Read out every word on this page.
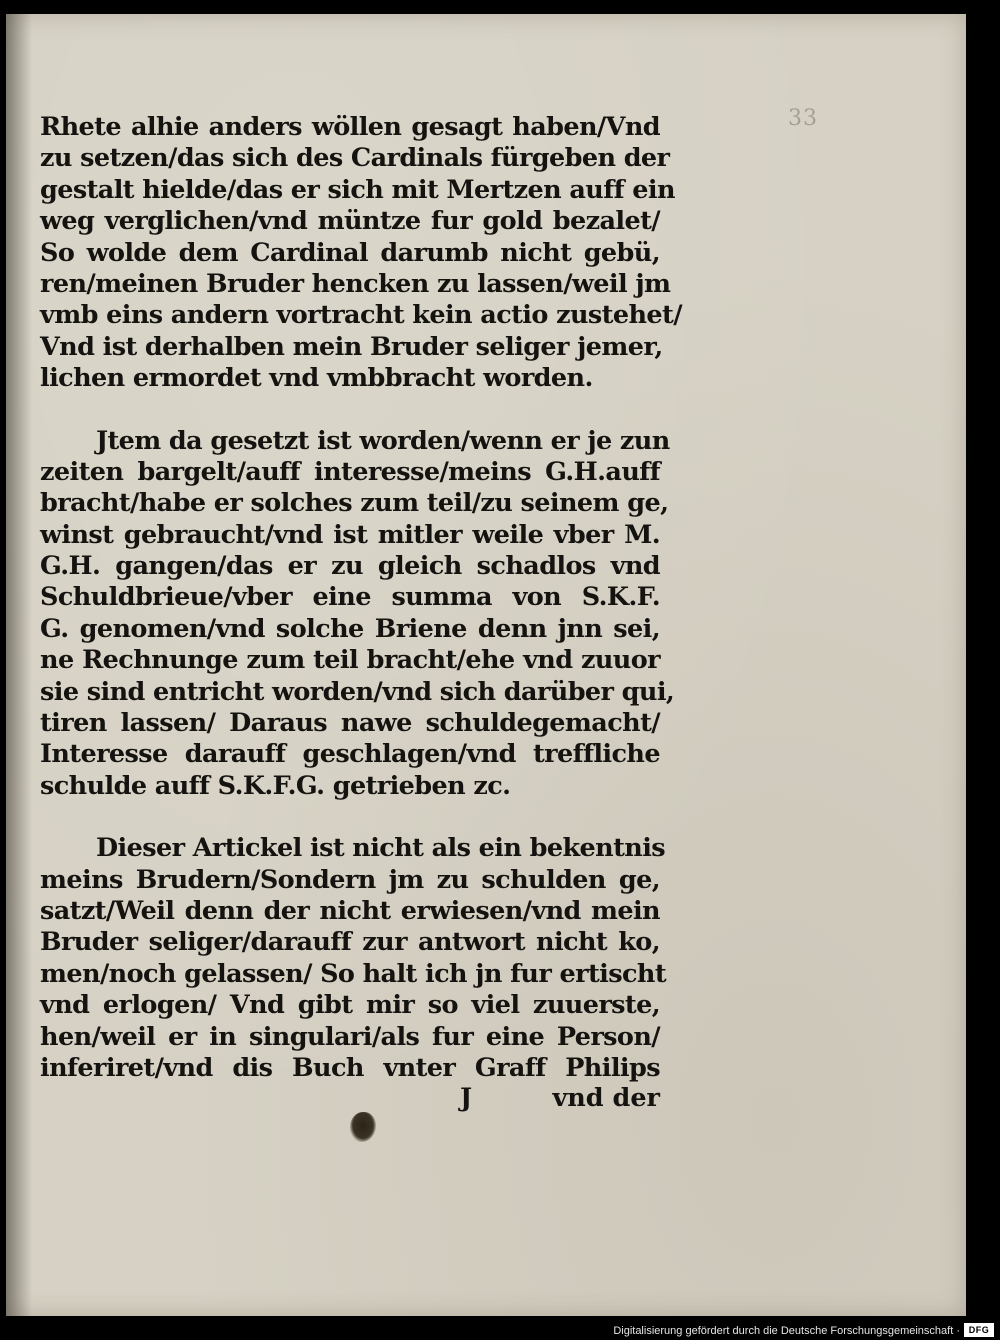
33
Rhete alhie anders wöllen gesagt haben/Vnd
zu setzen/das sich des Cardinals fürgeben der
gestalt hielde/das er sich mit Mertzen auff ein
weg verglichen/vnd müntze fur gold bezalet/
So wolde dem Cardinal darumb nicht gebü,
ren/meinen Bruder hencken zu lassen/weil jm
vmb eins andern vortracht kein actio zustehet/
Vnd ist derhalben mein Bruder seliger jemer,
lichen ermordet vnd vmbbracht worden.
Jtem da gesetzt ist worden/wenn er je zun
zeiten bargelt/auff interesse/meins G.H.auff
bracht/habe er solches zum teil/zu seinem ge,
winst gebraucht/vnd ist mitler weile vber M.
G.H. gangen/das er zu gleich schadlos vnd
Schuldbrieue/vber eine summa von S.K.F.
G. genomen/vnd solche Briene denn jnn sei,
ne Rechnunge zum teil bracht/ehe vnd zuuor
sie sind entricht worden/vnd sich darüber qui,
tiren lassen/ Daraus nawe schuldegemacht/
Interesse darauff geschlagen/vnd treffliche
schulde auff S.K.F.G. getrieben zc.
Dieser Artickel ist nicht als ein bekentnis
meins Brudern/Sondern jm zu schulden ge,
satzt/Weil denn der nicht erwiesen/vnd mein
Bruder seliger/darauff zur antwort nicht ko,
men/noch gelassen/ So halt ich jn fur ertischt
vnd erlogen/ Vnd gibt mir so viel zuuerste,
hen/weil er in singulari/als fur eine Person/
inferiret/vnd dis Buch vnter Graff Philips
J	vnd der
Digitalisierung gefördert durch die Deutsche Forschungsgemeinschaft · DFG
